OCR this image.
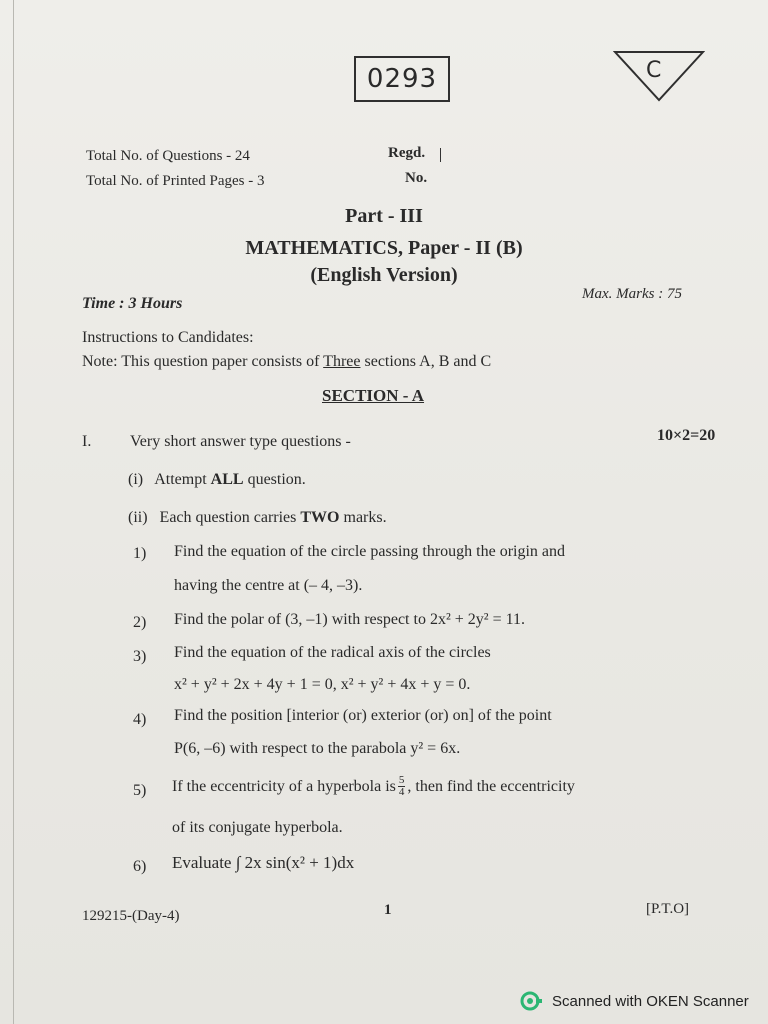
0293	C
Total No. of Questions - 24
Total No. of Printed Pages - 3
Regd.
No.
Part - III
MATHEMATICS, Paper - II (B)
(English Version)
Time : 3 Hours
Max. Marks : 75
Instructions to Candidates:
Note: This question paper consists of Three sections A, B and C
SECTION - A
I. Very short answer type questions -	10×2=20
(i) Attempt ALL question.
(ii) Each question carries TWO marks.
1) Find the equation of the circle passing through the origin and
having the centre at (– 4, –3).
2) Find the polar of (3, –1) with respect to 2x² + 2y² = 11.
3) Find the equation of the radical axis of the circles
x² + y² + 2x + 4y + 1 = 0, x² + y² + 4x + y = 0.
4) Find the position [interior (or) exterior (or) on] of the point
P(6, –6) with respect to the parabola y² = 6x.
5) If the eccentricity of a hyperbola is $\frac{5}{4}$ , then find the eccentricity
of its conjugate hyperbola.
6) Evaluate ∫ 2x sin(x² + 1)dx
129215-(Day-4)	1	[P.T.O]
Scanned with OKEN Scanner
